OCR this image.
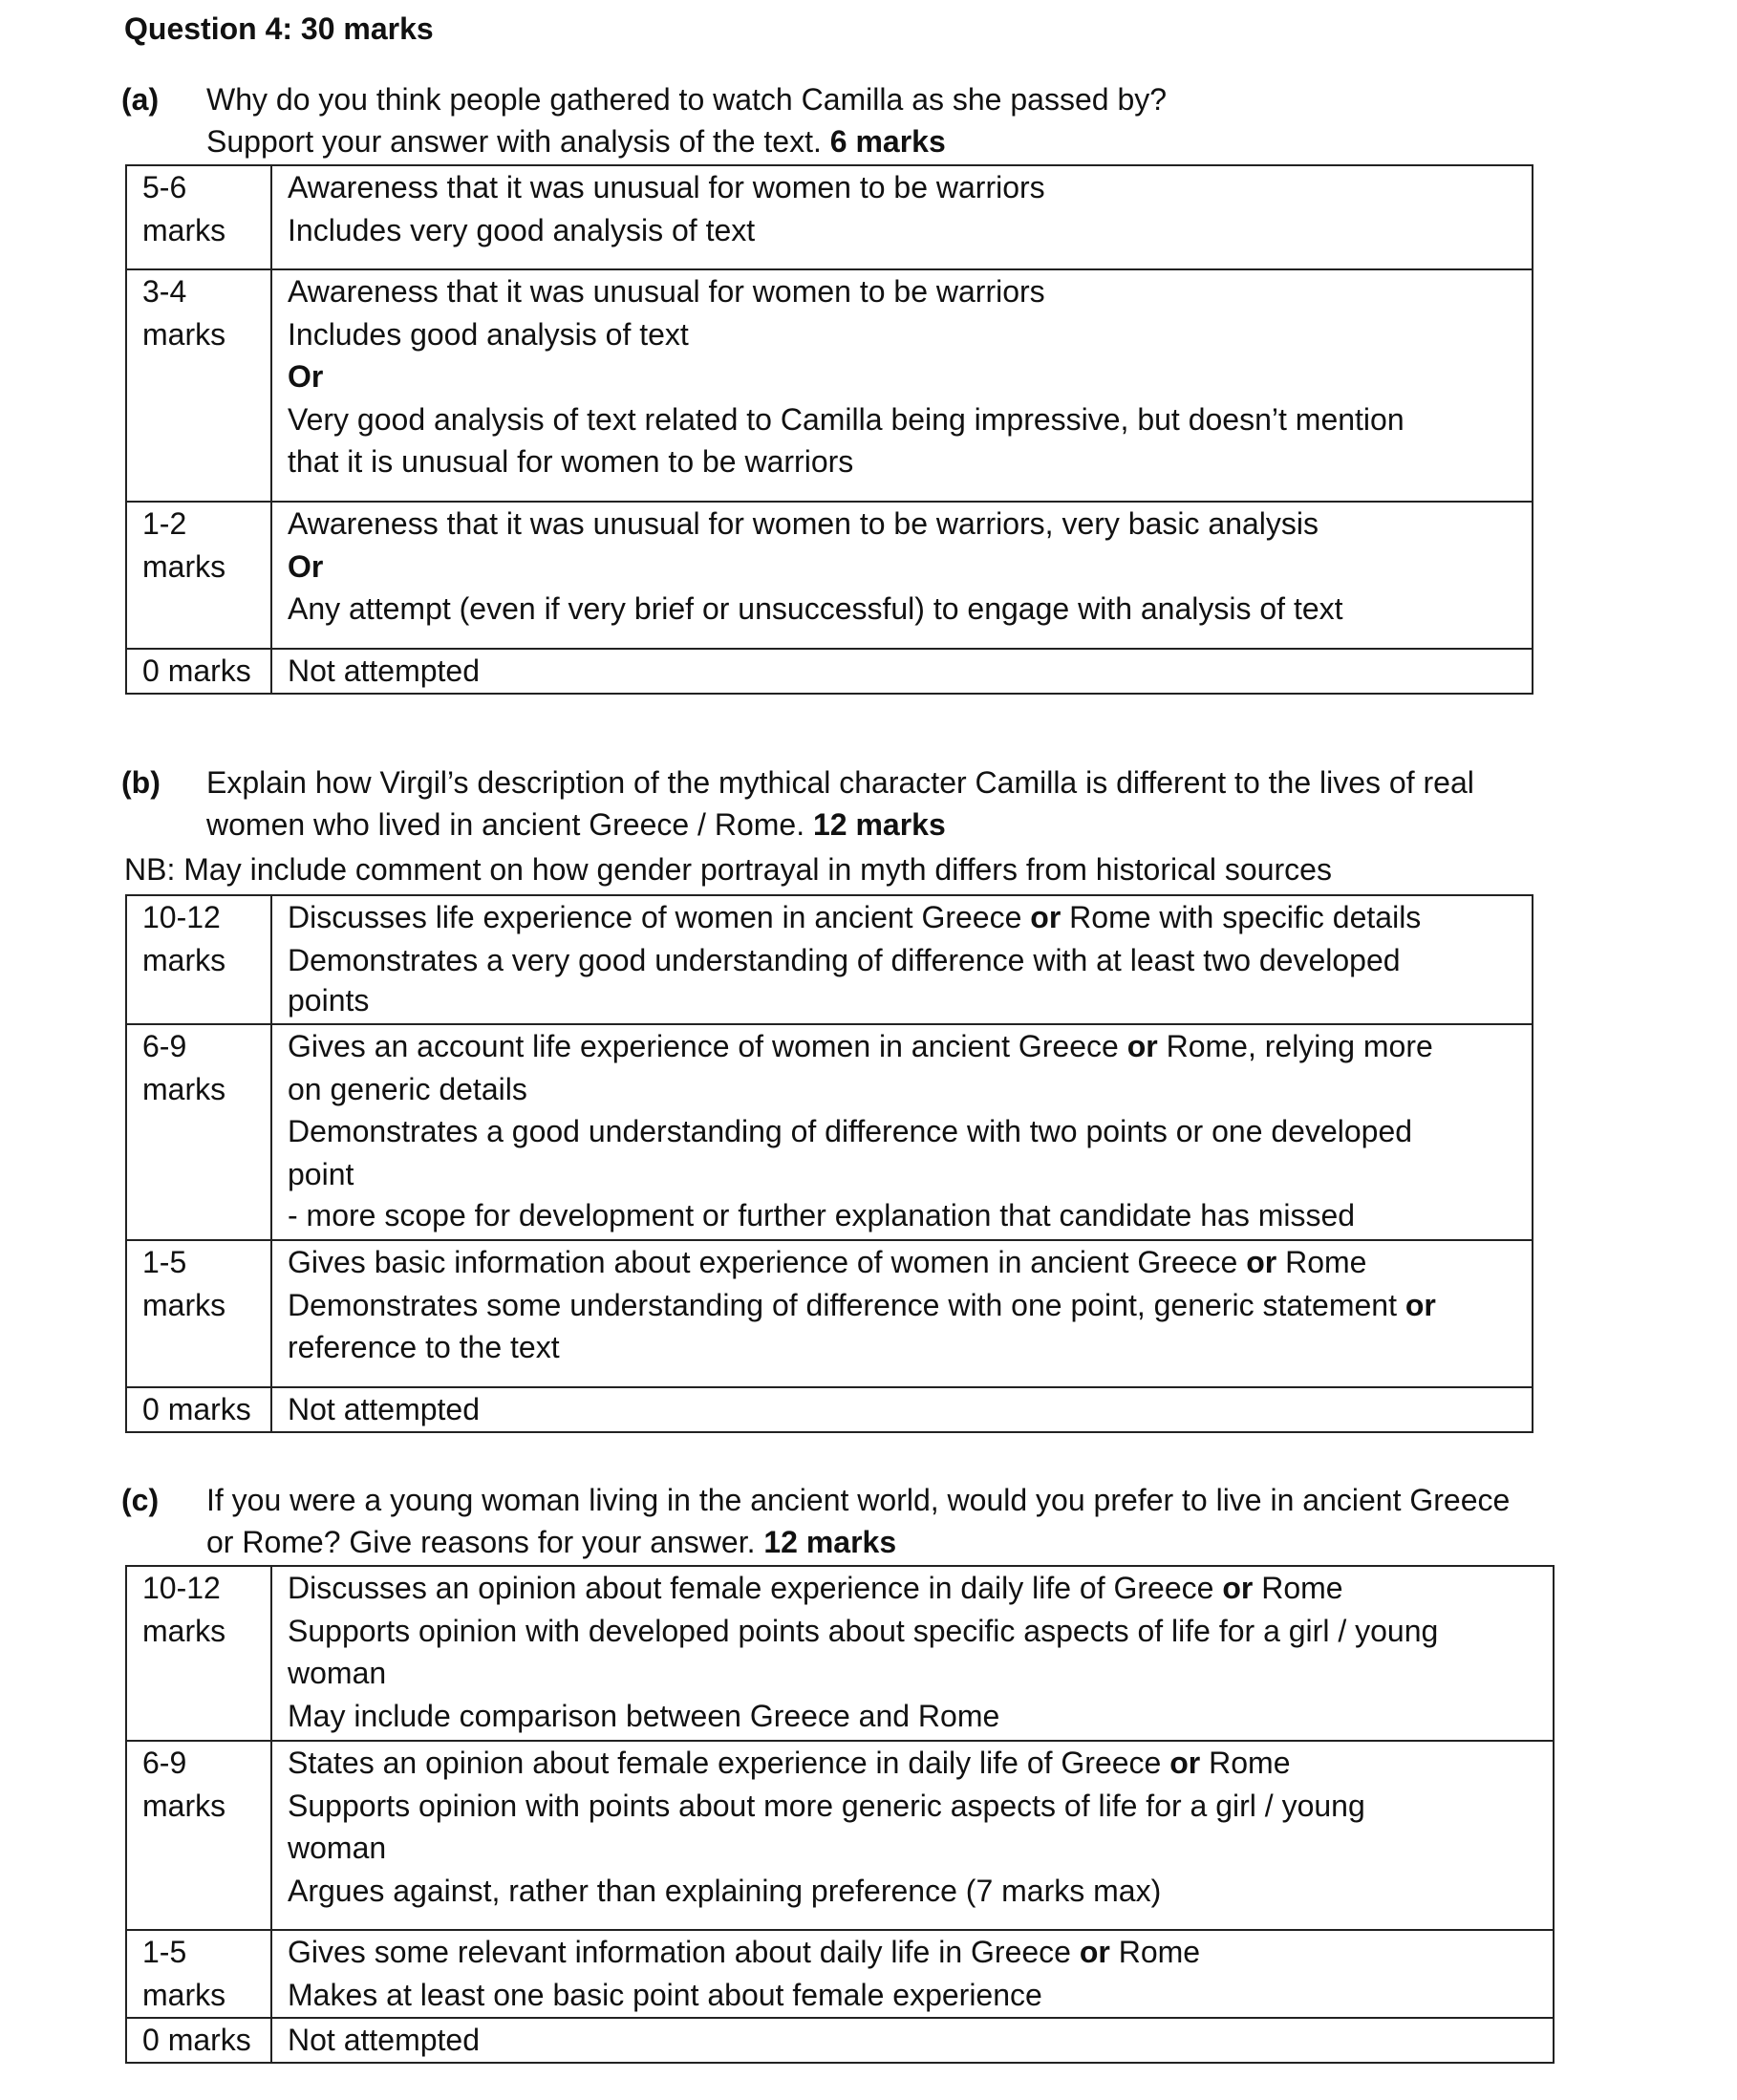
Question 4: 30 marks
(a) Why do you think people gathered to watch Camilla as she passed by?
Support your answer with analysis of the text. 6 marks
5-6
marks	Awareness that it was unusual for women to be warriors
Includes very good analysis of text

3-4
marks	Awareness that it was unusual for women to be warriors
Includes good analysis of text
Or
Very good analysis of text related to Camilla being impressive, but doesn’t mention
that it is unusual for women to be warriors

1-2
marks	Awareness that it was unusual for women to be warriors, very basic analysis
Or
Any attempt (even if very brief or unsuccessful) to engage with analysis of text

0 marks	Not attempted
(b) Explain how Virgil’s description of the mythical character Camilla is different to the lives of real
women who lived in ancient Greece / Rome. 12 marks
NB: May include comment on how gender portrayal in myth differs from historical sources
10-12
marks	Discusses life experience of women in ancient Greece or Rome with specific details
Demonstrates a very good understanding of difference with at least two developed
points

6-9
marks	Gives an account life experience of women in ancient Greece or Rome, relying more
on generic details
Demonstrates a good understanding of difference with two points or one developed
point
- more scope for development or further explanation that candidate has missed

1-5
marks	Gives basic information about experience of women in ancient Greece or Rome
Demonstrates some understanding of difference with one point, generic statement or
reference to the text

0 marks	Not attempted
(c) If you were a young woman living in the ancient world, would you prefer to live in ancient Greece
or Rome? Give reasons for your answer. 12 marks
10-12
marks	Discusses an opinion about female experience in daily life of Greece or Rome
Supports opinion with developed points about specific aspects of life for a girl / young
woman
May include comparison between Greece and Rome

6-9
marks	States an opinion about female experience in daily life of Greece or Rome
Supports opinion with points about more generic aspects of life for a girl / young
woman
Argues against, rather than explaining preference (7 marks max)

1-5
marks	Gives some relevant information about daily life in Greece or Rome
Makes at least one basic point about female experience

0 marks	Not attempted
